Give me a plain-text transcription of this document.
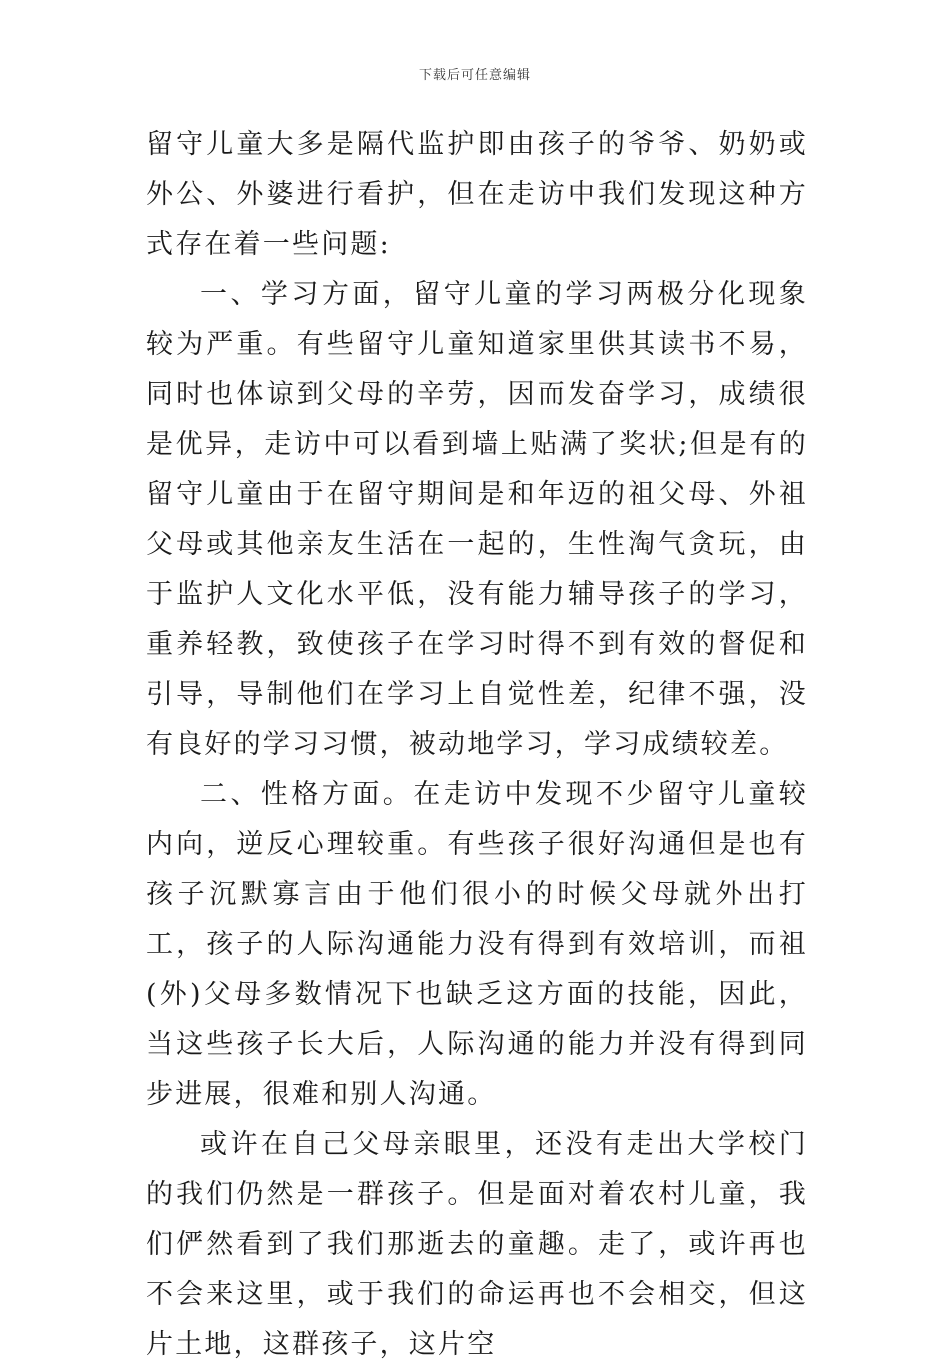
下载后可任意编辑

留守儿童大多是隔代监护即由孩子的爷爷、奶奶或外公、外婆进行看护，但在走访中我们发现这种方式存在着一些问题:

一、学习方面，留守儿童的学习两极分化现象较为严重。有些留守儿童知道家里供其读书不易，同时也体谅到父母的辛劳，因而发奋学习，成绩很是优异，走访中可以看到墙上贴满了奖状;但是有的留守儿童由于在留守期间是和年迈的祖父母、外祖父母或其他亲友生活在一起的，生性淘气贪玩，由于监护人文化水平低，没有能力辅导孩子的学习，重养轻教，致使孩子在学习时得不到有效的督促和引导，导制他们在学习上自觉性差，纪律不强，没有良好的学习习惯，被动地学习，学习成绩较差。

二、性格方面。在走访中发现不少留守儿童较内向，逆反心理较重。有些孩子很好沟通但是也有孩子沉默寡言由于他们很小的时候父母就外出打工，孩子的人际沟通能力没有得到有效培训，而祖(外)父母多数情况下也缺乏这方面的技能，因此，当这些孩子长大后，人际沟通的能力并没有得到同步进展，很难和别人沟通。

或许在自己父母亲眼里，还没有走出大学校门的我们仍然是一群孩子。但是面对着农村儿童，我们俨然看到了我们那逝去的童趣。走了，或许再也不会来这里，或于我们的命运再也不会相交，但这片土地，这群孩子，这片空
